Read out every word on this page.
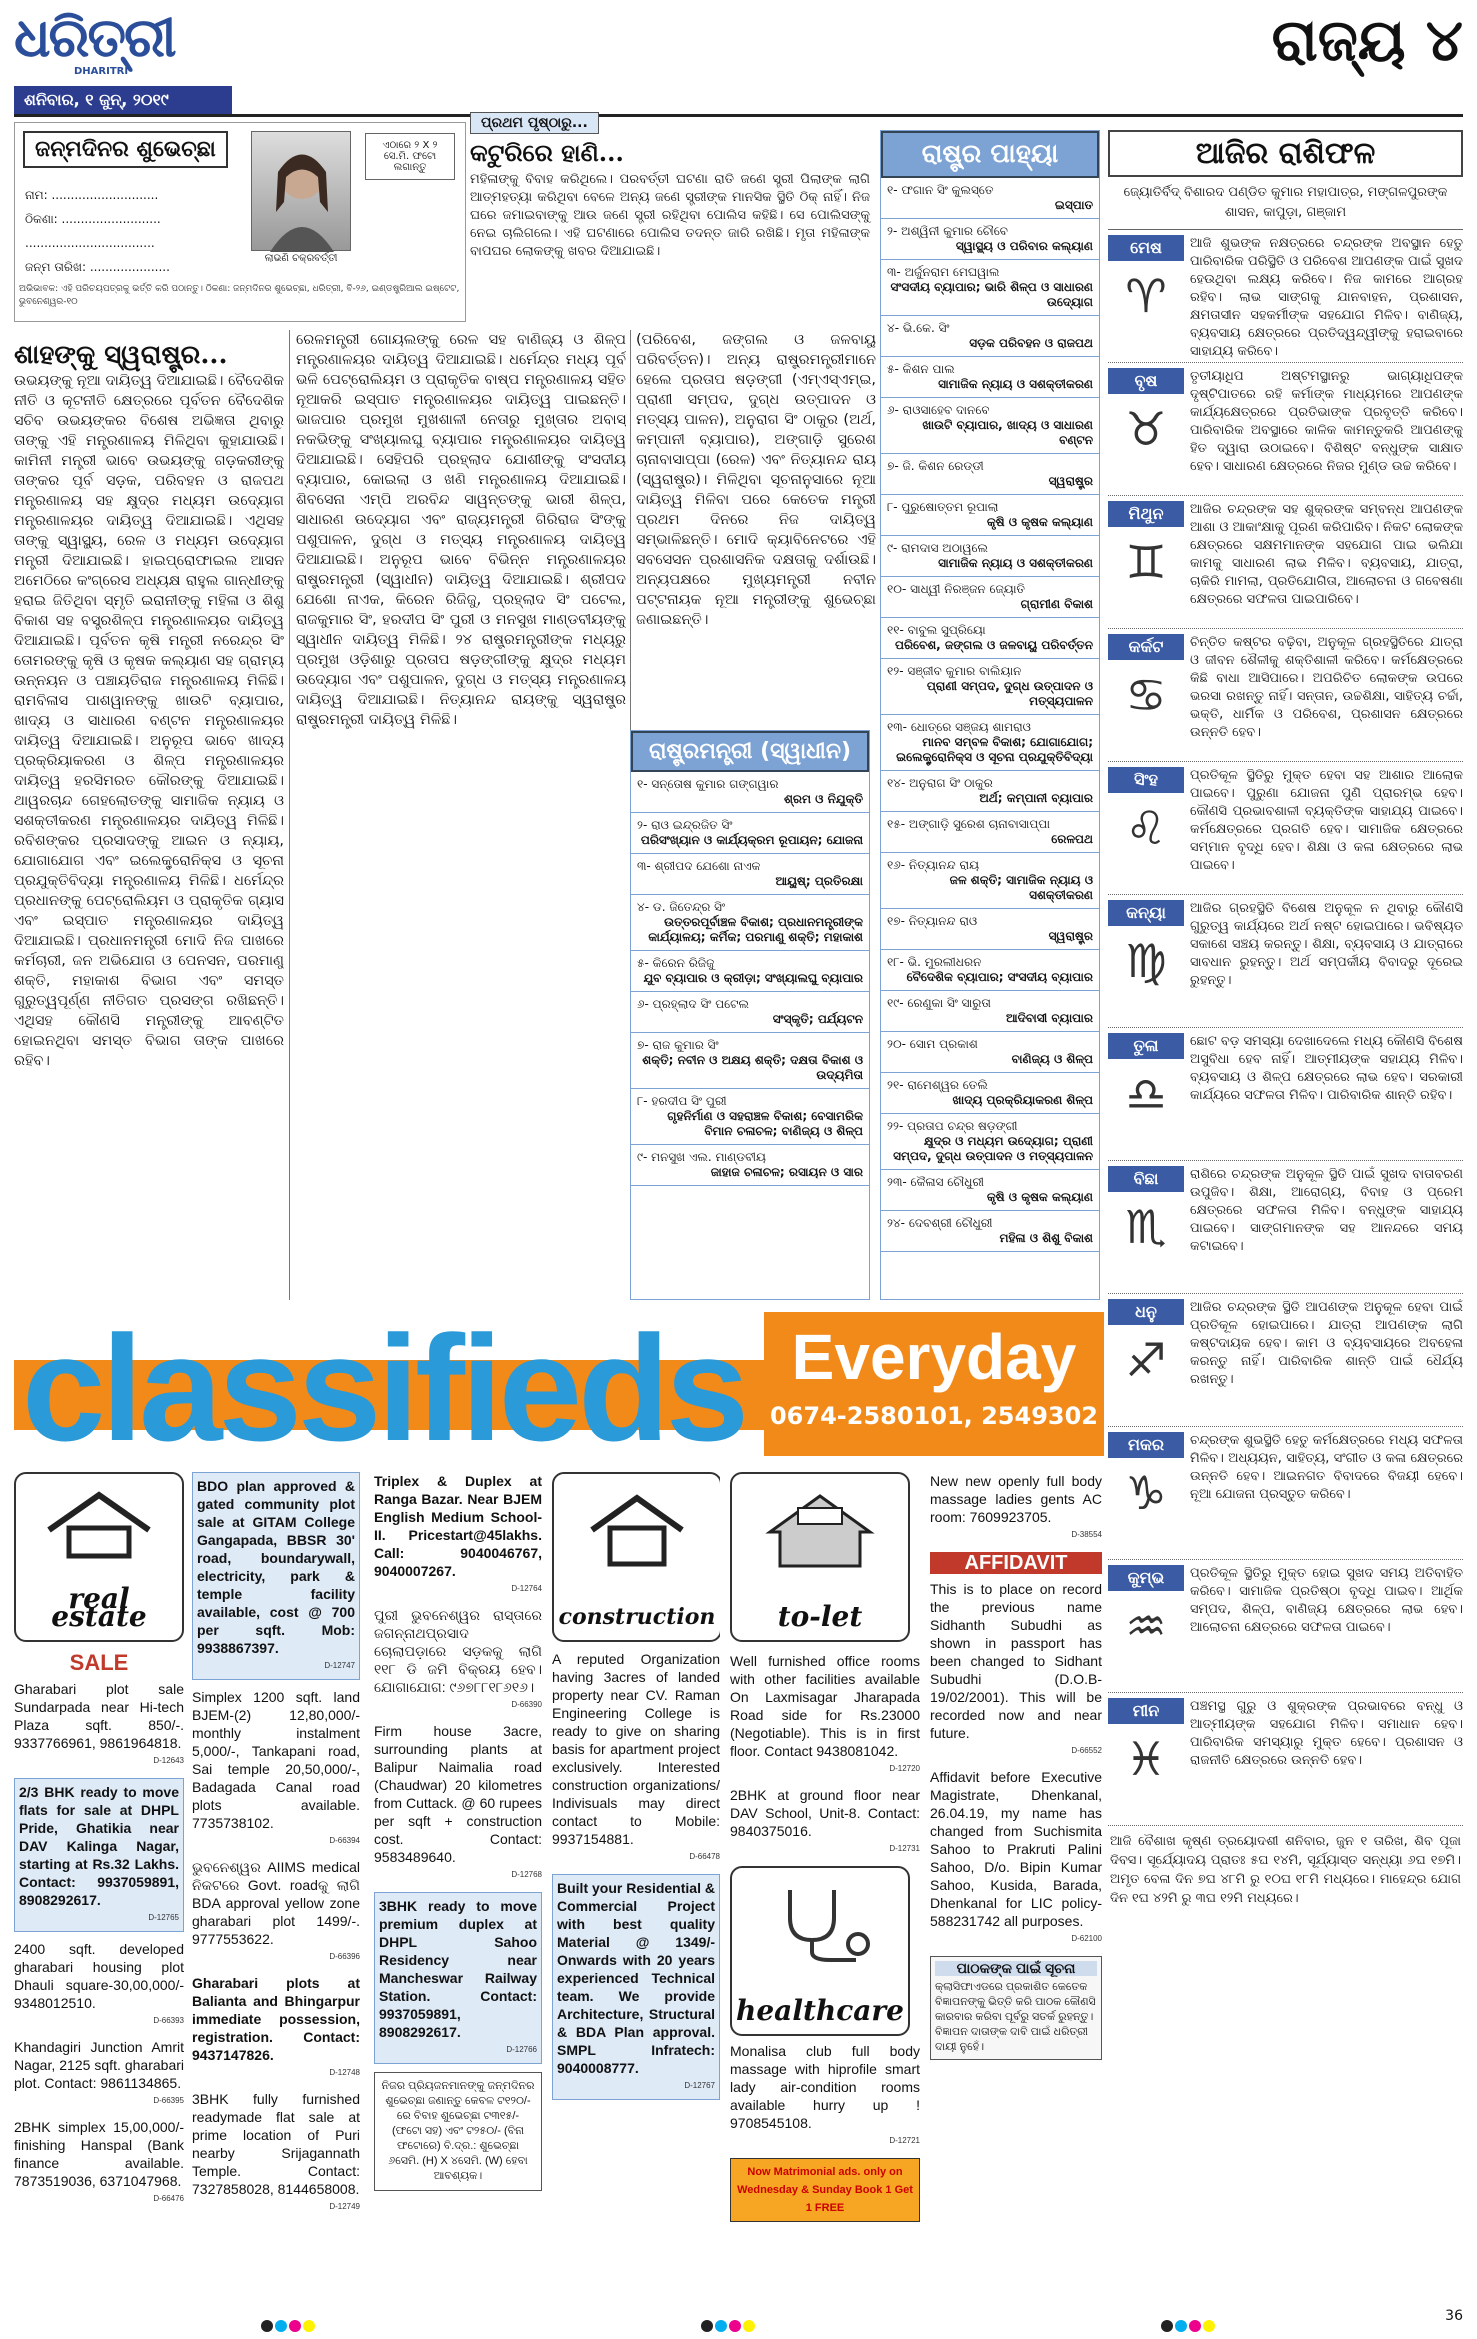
ଧରିତ୍ରୀ
DHARITRI
ଶନିବାର, ୧ ଜୁନ୍, ୨୦୧୯
ରାଜ୍ୟ ୪
ଜନ୍ମଦିନର ଶୁଭେଚ୍ଛା
ନାମ: ............................
ଠିକଣା: ..........................
..................................
ଜନ୍ମ ତାରିଖ: .....................
ଲାଭଣି ଚକ୍ରବର୍ତ୍ତୀ
ଏଠାରେ ୨ X ୨ ସେ.ମି. ଫଟୋ ଲଗାନ୍ତୁ
ଅଭିଭାବକ: ଏହି ପରିଚୟପତ୍ରକୁ ଭର୍ତ୍ତି କରି ପଠାନ୍ତୁ। ଠିକଣା: ଜନ୍ମଦିନର ଶୁଭେଚ୍ଛା, ଧରିତ୍ରୀ, ବି-୨୬, ଇଣ୍ଡଷ୍ଟ୍ରିଆଲ ଇଷ୍ଟେଟ, ଭୁବନେଶ୍ୱର-୧୦
ପ୍ରଥମ ପୃଷ୍ଠାରୁ...
କଟୁରିରେ ହାଣି...
ମହିଳାଙ୍କୁ ବିବାହ କରିଥିଲେ। ପରବର୍ତ୍ତୀ ଘଟଣା ରାତି ଜଣେ ସ୍ତ୍ରୀ ପିଲାଙ୍କ ଲାଗି ଆତ୍ମହତ୍ୟା କରିଥିବା ବେଳେ ଅନ୍ୟ ଜଣେ ସ୍ତ୍ରୀଙ୍କ ମାନସିକ ସ୍ଥିତି ଠିକ୍ ନାହିଁ। ନିଜ ଘରେ ଜମାଇବାଙ୍କୁ ଆଉ ଜଣେ ସ୍ତ୍ରୀ ରହିଥିବା ପୋଲିସ କହିଛି। ସେ ପୋଲିସଙ୍କୁ ନେଇ ଚାଲିଗଲେ। ଏହି ଘଟଣାରେ ପୋଲିସ ତଦନ୍ତ ଜାରି ରଖିଛି। ମୃତା ମହିଳାଙ୍କ ବାପଘର ଲୋକଙ୍କୁ ଖବର ଦିଆଯାଇଛି।
ଶାହଙ୍କୁ ସ୍ୱରାଷ୍ଟ୍ର...
ଉଭୟଙ୍କୁ ନୂଆ ଦାୟିତ୍ୱ ଦିଆଯାଇଛି। ବୈଦେଶିକ ନୀତି ଓ କୂଟନୀତି କ୍ଷେତ୍ରରେ ପୂର୍ବତନ ବୈଦେଶିକ ସଚିବ ଉଭୟଙ୍କର ବିଶେଷ ଅଭିଜ୍ଞତା ଥିବାରୁ ତାଙ୍କୁ ଏହି ମନ୍ତ୍ରଣାଳୟ ମିଳିଥିବା କୁହାଯାଉଛି। କାମିନୀ ମନ୍ତ୍ରୀ ଭାବେ ଉଭୟଙ୍କୁ ଗଡ଼କରୀଙ୍କୁ ତାଙ୍କର ପୂର୍ବ ସଡ଼କ, ପରିବହନ ଓ ରାଜପଥ ମନ୍ତ୍ରଣାଳୟ ସହ କ୍ଷୁଦ୍ର ମଧ୍ୟମ ଉଦ୍ୟୋଗ ମନ୍ତ୍ରଣାଳୟର ଦାୟିତ୍ୱ ଦିଆଯାଇଛି। ଏଥିସହ ତାଙ୍କୁ ସ୍ୱାସ୍ଥ୍ୟ, ରେଳ ଓ ମଧ୍ୟମ ଉଦ୍ୟୋଗ ମନ୍ତ୍ରୀ ଦିଆଯାଇଛି। ହାଇପ୍ରୋଫାଇଲ ଆସନ ଅମେଠିରେ କଂଗ୍ରେସ ଅଧ୍ୟକ୍ଷ ରାହୁଲ ଗାନ୍ଧୀଙ୍କୁ ହରାଇ ଜିତିଥିବା ସ୍ମୃତି ଇରାନୀଙ୍କୁ ମହିଳା ଓ ଶିଶୁ ବିକାଶ ସହ ବସ୍ତ୍ରଶିଳ୍ପ ମନ୍ତ୍ରଣାଳୟର ଦାୟିତ୍ୱ ଦିଆଯାଇଛି। ପୂର୍ବତନ କୃଷି ମନ୍ତ୍ରୀ ନରେନ୍ଦ୍ର ସିଂ ତୋମରଙ୍କୁ କୃଷି ଓ କୃଷକ କଲ୍ୟାଣ ସହ ଗ୍ରାମ୍ୟ ଉନ୍ନୟନ ଓ ପଞ୍ଚାୟତିରାଜ ମନ୍ତ୍ରଣାଳୟ ମିଳିଛି। ରାମବିଳାସ ପାଶୱାନଙ୍କୁ ଖାଉଟି ବ୍ୟାପାର, ଖାଦ୍ୟ ଓ ସାଧାରଣ ବଣ୍ଟନ ମନ୍ତ୍ରଣାଳୟର ଦାୟିତ୍ୱ ଦିଆଯାଇଛି। ଅନୁରୂପ ଭାବେ ଖାଦ୍ୟ ପ୍ରକ୍ରିୟାକରଣ ଓ ଶିଳ୍ପ ମନ୍ତ୍ରଣାଳୟର ଦାୟିତ୍ୱ ହରସିମରତ କୌରଙ୍କୁ ଦିଆଯାଇଛି। ଥାୱରଚାନ୍ଦ ଗେହଲୋତଙ୍କୁ ସାମାଜିକ ନ୍ୟାୟ ଓ ସଶକ୍ତୀକରଣ ମନ୍ତ୍ରଣାଳୟର ଦାୟିତ୍ୱ ମିଳିଛି। ରବିଶଙ୍କର ପ୍ରସାଦଙ୍କୁ ଆଇନ ଓ ନ୍ୟାୟ, ଯୋଗାଯୋଗ ଏବଂ ଇଲେକ୍ଟ୍ରୋନିକ୍ସ ଓ ସୂଚନା ପ୍ରଯୁକ୍ତିବିଦ୍ୟା ମନ୍ତ୍ରଣାଳୟ ମିଳିଛି। ଧର୍ମେନ୍ଦ୍ର ପ୍ରଧାନଙ୍କୁ ପେଟ୍ରୋଲିୟମ ଓ ପ୍ରାକୃତିକ ଗ୍ୟାସ ଏବଂ ଇସ୍ପାତ ମନ୍ତ୍ରଣାଳୟର ଦାୟିତ୍ୱ ଦିଆଯାଇଛି। ପ୍ରଧାନମନ୍ତ୍ରୀ ମୋଦି ନିଜ ପାଖରେ କର୍ମଚାରୀ, ଜନ ଅଭିଯୋଗ ଓ ପେନସନ, ପରମାଣୁ ଶକ୍ତି, ମହାକାଶ ବିଭାଗ ଏବଂ ସମସ୍ତ ଗୁରୁତ୍ୱପୂର୍ଣ୍ଣ ନୀତିଗତ ପ୍ରସଙ୍ଗ ରଖିଛନ୍ତି। ଏଥିସହ କୌଣସି ମନ୍ତ୍ରୀଙ୍କୁ ଆବଣ୍ଟିତ ହୋଇନଥିବା ସମସ୍ତ ବିଭାଗ ତାଙ୍କ ପାଖରେ ରହିବ।
ରେଳମନ୍ତ୍ରୀ ଗୋୟଲଙ୍କୁ ରେଳ ସହ ବାଣିଜ୍ୟ ଓ ଶିଳ୍ପ ମନ୍ତ୍ରଣାଳୟର ଦାୟିତ୍ୱ ଦିଆଯାଇଛି। ଧର୍ମେନ୍ଦ୍ର ମଧ୍ୟ ପୂର୍ବ ଭଳି ପେଟ୍ରୋଲିୟମ ଓ ପ୍ରାକୃତିକ ବାଷ୍ପ ମନ୍ତ୍ରଣାଳୟ ସହିତ ନୂଆକରି ଇସ୍ପାତ ମନ୍ତ୍ରଣାଳୟର ଦାୟିତ୍ୱ ପାଇଛନ୍ତି। ଭାଜପାର ପ୍ରମୁଖ ମୁଖଶାଳୀ ନେତାରୁ ମୁଖ୍ତାର ଅବାସ୍ ନକଭିଙ୍କୁ ସଂଖ୍ୟାଲଘୁ ବ୍ୟାପାର ମନ୍ତ୍ରଣାଳୟର ଦାୟିତ୍ୱ ଦିଆଯାଇଛି। ସେହିପରି ପ୍ରହ୍ଲାଦ ଯୋଶୀଙ୍କୁ ସଂସଦୀୟ ବ୍ୟାପାର, କୋଇଲା ଓ ଖଣି ମନ୍ତ୍ରଣାଳୟ ଦିଆଯାଇଛି। ଶିବସେନା ଏମ୍ପି ଅରବିନ୍ଦ ସାୱନ୍ତଙ୍କୁ ଭାରୀ ଶିଳ୍ପ, ସାଧାରଣ ଉଦ୍ୟୋଗ ଏବଂ ରାଜ୍ୟମନ୍ତ୍ରୀ ଗିରିରାଜ ସିଂଙ୍କୁ ପଶୁପାଳନ, ଦୁଗ୍ଧ ଓ ମତ୍ସ୍ୟ ମନ୍ତ୍ରଣାଳୟ ଦାୟିତ୍ୱ ଦିଆଯାଇଛି। ଅନୁରୂପ ଭାବେ ବିଭିନ୍ନ ମନ୍ତ୍ରଣାଳୟର ରାଷ୍ଟ୍ରମନ୍ତ୍ରୀ (ସ୍ୱାଧୀନ) ଦାୟିତ୍ୱ ଦିଆଯାଇଛି। ଶ୍ରୀପଦ ଯେଶୋ ନାଏକ, କିରେନ ରିଜିଜୁ, ପ୍ରହ୍ଲାଦ ସିଂ ପଟେଲ, ରାଜକୁମାର ସିଂ, ହରଦୀପ ସିଂ ପୁରୀ ଓ ମନସୁଖ ମାଣ୍ଡବୀୟଙ୍କୁ ସ୍ୱାଧୀନ ଦାୟିତ୍ୱ ମିଳିଛି। ୨୪ ରାଷ୍ଟ୍ରମନ୍ତ୍ରୀଙ୍କ ମଧ୍ୟରୁ ପ୍ରମୁଖ ଓଡ଼ିଶାରୁ ପ୍ରତାପ ଷଡ଼ଙ୍ଗୀଙ୍କୁ କ୍ଷୁଦ୍ର ମଧ୍ୟମ ଉଦ୍ୟୋଗ ଏବଂ ପଶୁପାଳନ, ଦୁଗ୍ଧ ଓ ମତ୍ସ୍ୟ ମନ୍ତ୍ରଣାଳୟ ଦାୟିତ୍ୱ ଦିଆଯାଇଛି। ନିତ୍ୟାନନ୍ଦ ରାୟଙ୍କୁ ସ୍ୱରାଷ୍ଟ୍ର ରାଷ୍ଟ୍ରମନ୍ତ୍ରୀ ଦାୟିତ୍ୱ ମିଳିଛି।
(ପରିବେଶ, ଜଙ୍ଗଲ ଓ ଜଳବାୟୁ ପରିବର୍ତ୍ତନ)। ଅନ୍ୟ ରାଷ୍ଟ୍ରମନ୍ତ୍ରୀମାନେ ହେଲେ ପ୍ରତାପ ଷଡ଼ଙ୍ଗୀ (ଏମ୍‌ଏସ୍‌ଏମ୍‌ଇ, ପ୍ରାଣୀ ସମ୍ପଦ, ଦୁଗ୍ଧ ଉତ୍ପାଦନ ଓ ମତ୍ସ୍ୟ ପାଳନ), ଅନୁରାଗ ସିଂ ଠାକୁର (ଅର୍ଥ, କମ୍ପାନୀ ବ୍ୟାପାର), ଅଙ୍ଗାଡ଼ି ସୁରେଶ ଚାନାବାସାପ୍ପା (ରେଳ) ଏବଂ ନିତ୍ୟାନନ୍ଦ ରାୟ (ସ୍ୱରାଷ୍ଟ୍ର)। ମିଳିଥିବା ସୂଚନାନୁସାରେ ନୂଆ ଦାୟିତ୍ୱ ମିଳିବା ପରେ କେତେକ ମନ୍ତ୍ରୀ ପ୍ରଥମ ଦିନରେ ନିଜ ଦାୟିତ୍ୱ ସମ୍ଭାଳିଛନ୍ତି। ମୋଦି କ୍ୟାବିନେଟରେ ଏହି ସବସେସନ ପ୍ରଶାସନିକ ଦକ୍ଷତାକୁ ଦର୍ଶାଉଛି। ଅନ୍ୟପକ୍ଷରେ ମୁଖ୍ୟମନ୍ତ୍ରୀ ନବୀନ ପଟ୍ଟନାୟକ ନୂଆ ମନ୍ତ୍ରୀଙ୍କୁ ଶୁଭେଚ୍ଛା ଜଣାଇଛନ୍ତି।
ରାଷ୍ଟ୍ରମନ୍ତ୍ରୀ (ସ୍ୱାଧୀନ)
୧- ସନ୍ତୋଷ କୁମାର ଗଙ୍ଗୱାର
ଶ୍ରମ ଓ ନିଯୁକ୍ତି
୨- ରାଓ ଇନ୍ଦ୍ରଜିତ ସିଂ
ପରିସଂଖ୍ୟାନ ଓ କାର୍ଯ୍ୟକ୍ରମ ରୂପାୟନ; ଯୋଜନା
୩- ଶ୍ରୀପଦ ଯେଶୋ ନାଏକ
ଆୟୁଷ୍; ପ୍ରତିରକ୍ଷା
୪- ଡ. ଜିତେନ୍ଦ୍ର ସିଂ
ଉତ୍ତରପୂର୍ବାଞ୍ଚଳ ବିକାଶ; ପ୍ରଧାନମନ୍ତ୍ରୀଙ୍କ କାର୍ଯ୍ୟାଳୟ; କର୍ମିକ; ପରମାଣୁ ଶକ୍ତି; ମହାକାଶ
୫- କିରେନ ରିଜିଜୁ
ଯୁବ ବ୍ୟାପାର ଓ କ୍ରୀଡ଼ା; ସଂଖ୍ୟାଲଘୁ ବ୍ୟାପାର
୬- ପ୍ରହ୍ଲାଦ ସିଂ ପଟେଲ
ସଂସ୍କୃତି; ପର୍ଯ୍ୟଟନ
୭- ରାଜ କୁମାର ସିଂ
ଶକ୍ତି; ନବୀନ ଓ ଅକ୍ଷୟ ଶକ୍ତି; ଦକ୍ଷତା ବିକାଶ ଓ ଉଦ୍ୟମିତା
୮- ହରଦୀପ ସିଂ ପୁରୀ
ଗୃହନିର୍ମାଣ ଓ ସହରାଞ୍ଚଳ ବିକାଶ; ବେସାମରିକ ବିମାନ ଚଳାଚଳ; ବାଣିଜ୍ୟ ଓ ଶିଳ୍ପ
୯- ମନସୁଖ ଏଲ. ମାଣ୍ଡବୀୟ
ଜାହାଜ ଚଳାଚଳ; ରସାୟନ ଓ ସାର
ରାଷ୍ଟ୍ର ପାହ୍ୟା
୧- ଫଗାନ ସିଂ କୁଲସ୍ତେ
ଇସ୍ପାତ
୨- ଅଶ୍ୱିନୀ କୁମାର ଚୌବେ
ସ୍ୱାସ୍ଥ୍ୟ ଓ ପରିବାର କଲ୍ୟାଣ
୩- ଅର୍ଜୁନରାମ ମେଘୱାଲ
ସଂସଦୀୟ ବ୍ୟାପାର; ଭାରି ଶିଳ୍ପ ଓ ସାଧାରଣ ଉଦ୍ୟୋଗ
୪- ଭି.କେ. ସିଂ
ସଡ଼କ ପରିବହନ ଓ ରାଜପଥ
୫- କିଶନ ପାଲ
ସାମାଜିକ ନ୍ୟାୟ ଓ ସଶକ୍ତୀକରଣ
୬- ରାଓସାହେବ ଦାନବେ
ଖାଉଟି ବ୍ୟାପାର, ଖାଦ୍ୟ ଓ ସାଧାରଣ ବଣ୍ଟନ
୭- ଜି. କିଶନ ରେଡ୍ଡୀ
ସ୍ୱରାଷ୍ଟ୍ର
୮- ପୁରୁଷୋତ୍ତମ ରୂପାଲା
କୃଷି ଓ କୃଷକ କଲ୍ୟାଣ
୯- ରାମଦାସ ଅଠାୱଲେ
ସାମାଜିକ ନ୍ୟାୟ ଓ ସଶକ୍ତୀକରଣ
୧୦- ସାଧ୍ୱୀ ନିରଞ୍ଜନ ଜ୍ୟୋତି
ଗ୍ରାମୀଣ ବିକାଶ
୧୧- ବାବୁଲ ସୁପ୍ରିୟୋ
ପରିବେଶ, ଜଙ୍ଗଲ ଓ ଜଳବାୟୁ ପରିବର୍ତ୍ତନ
୧୨- ସଞ୍ଜୀବ କୁମାର ବାଲିୟାନ
ପ୍ରାଣୀ ସମ୍ପଦ, ଦୁଗ୍ଧ ଉତ୍ପାଦନ ଓ ମତ୍ସ୍ୟପାଳନ
୧୩- ଧୋତ୍ରେ ସଞ୍ଜୟ ଶାମରାଓ
ମାନବ ସମ୍ବଳ ବିକାଶ; ଯୋଗାଯୋଗ; ଇଲେକ୍ଟ୍ରୋନିକ୍ସ ଓ ସୂଚନା ପ୍ରଯୁକ୍ତିବିଦ୍ୟା
୧୪- ଅନୁରାଗ ସିଂ ଠାକୁର
ଅର୍ଥ; କମ୍ପାନୀ ବ୍ୟାପାର
୧୫- ଅଙ୍ଗାଡ଼ି ସୁରେଶ ଚାନାବାସାପ୍ପା
ରେଳପଥ
୧୬- ନିତ୍ୟାନନ୍ଦ ରାୟ
ଜଳ ଶକ୍ତି; ସାମାଜିକ ନ୍ୟାୟ ଓ ସଶକ୍ତୀକରଣ
୧୭- ନିତ୍ୟାନନ୍ଦ ରାଓ
ସ୍ୱରାଷ୍ଟ୍ର
୧୮- ଭି. ମୁରଲୀଧରନ
ବୈଦେଶିକ ବ୍ୟାପାର; ସଂସଦୀୟ ବ୍ୟାପାର
୧୯- ରେଣୁକା ସିଂ ସାରୁତା
ଆଦିବାସୀ ବ୍ୟାପାର
୨୦- ସୋମ ପ୍ରକାଶ
ବାଣିଜ୍ୟ ଓ ଶିଳ୍ପ
୨୧- ରାମେଶ୍ୱର ତେଲି
ଖାଦ୍ୟ ପ୍ରକ୍ରିୟାକରଣ ଶିଳ୍ପ
୨୨- ପ୍ରତାପ ଚନ୍ଦ୍ର ଷଡ଼ଙ୍ଗୀ
କ୍ଷୁଦ୍ର ଓ ମଧ୍ୟମ ଉଦ୍ୟୋଗ; ପ୍ରାଣୀ ସମ୍ପଦ, ଦୁଗ୍ଧ ଉତ୍ପାଦନ ଓ ମତ୍ସ୍ୟପାଳନ
୨୩- କୈଳାସ ଚୌଧୁରୀ
କୃଷି ଓ କୃଷକ କଲ୍ୟାଣ
୨୪- ଦେବଶ୍ରୀ ଚୌଧୁରୀ
ମହିଳା ଓ ଶିଶୁ ବିକାଶ
ଆଜିର ରାଶିଫଳ
ଜ୍ୟୋତିର୍ବିଦ୍ ବିଶାରଦ ପଣ୍ଡିତ କୁମାର ମହାପାତ୍ର, ମଙ୍ଗଳପୁରଙ୍କ ଶାସନ, କାପୁଡ଼ା, ଗଞ୍ଜାମ
ମେଷ
♈
ଆଜି ଶୁଭଙ୍କ ନକ୍ଷତ୍ରରେ ଚନ୍ଦ୍ରଙ୍କ ଅବସ୍ଥାନ ହେତୁ ପାରିବାରିକ ପରିସ୍ଥିତି ଓ ପରିବେଶ ଆପଣଙ୍କ ପାଇଁ ସୁଖଦ ହେଉଥିବା ଲକ୍ଷ୍ୟ କରିବେ। ନିଜ କାମରେ ଆଗ୍ରହ ରହିବ। ଲାଭ ସାଙ୍ଗକୁ ଯାନବାହନ, ପ୍ରଶାସନ, କ୍ଷମତାସୀନ ସହକର୍ମୀଙ୍କ ସହଯୋଗ ମିଳିବ। ବାଣିଜ୍ୟ, ବ୍ୟବସାୟ କ୍ଷେତ୍ରରେ ପ୍ରତିଦ୍ୱନ୍ଦ୍ୱୀଙ୍କୁ ହରାଇବାରେ ସାହାଯ୍ୟ କରିବେ।
ବୃଷ
♉
ତୃତୀୟାଧିପ ଅଷ୍ଟମସ୍ଥାନରୁ ଭାଗ୍ୟାଧିପଙ୍କ ଦୃଷ୍ଟିପାତରେ ରହି କର୍ମାଙ୍କ ମାଧ୍ୟମରେ ଆପଣଙ୍କ କାର୍ଯ୍ୟକ୍ଷେତ୍ରରେ ପ୍ରତିଭାଙ୍କ ପ୍ରବୃତ୍ତି କରିବେ। ପାରିବାରିକ ଅବସ୍ଥାରେ କାଳିକ କାମନ୍ତୁକରି ଆପଣଙ୍କୁ ହିତ ଦ୍ୱାରା ଉଠାଇବେ। ବିଶିଷ୍ଟ ବନ୍ଧୁଙ୍କ ସାକ୍ଷାତ ହେବ। ସାଧାରଣ କ୍ଷେତ୍ରରେ ନିଜର ମୁଣ୍ଡ ଉଚ୍ଚ କରିବେ।
ମିଥୁନ
♊
ଆଜିର ଚନ୍ଦ୍ରଙ୍କ ସହ ଶୁକ୍ରଙ୍କ ସମ୍ବନ୍ଧ ଆପଣଙ୍କ ଆଶା ଓ ଆକାଂକ୍ଷାକୁ ପୂରଣ କରିପାରିବ। ନିକଟ ଲୋକଙ୍କ କ୍ଷେତ୍ରରେ ସକ୍ଷମମାନଙ୍କ ସହଯୋଗ ପାଇ ଭଲିଯା କାମକୁ ସାଧାରଣ ଲାଭ ମିଳିବ। ବ୍ୟବସାୟ, ଯାତ୍ରା, ଚାକିରି ମାମଲା, ପ୍ରତିଯୋଗିତା, ଆଲୋଚନା ଓ ଗବେଷଣା କ୍ଷେତ୍ରରେ ସଫଳତା ପାଇପାରିବେ।
କର୍କଟ
♋
ଚିନ୍ତିତ କଷ୍ଟର ବଢ଼ିବା, ଅନୁକୂଳ ଗ୍ରହସ୍ଥିତିରେ ଯାତ୍ରା ଓ ଜୀବନ ଶୈଳୀକୁ ଶକ୍ତିଶାଳୀ କରିବେ। କର୍ମକ୍ଷେତ୍ରରେ କିଛି ବାଧା ଆସିପାରେ। ଅପରିଚିତ ଲୋକଙ୍କ ଉପରେ ଭରସା ରଖନ୍ତୁ ନାହିଁ। ସନ୍ତାନ, ଉଚ୍ଚଶିକ୍ଷା, ସାହିତ୍ୟ ଚର୍ଚ୍ଚା, ଭକ୍ତି, ଧାର୍ମିକ ଓ ପରିବେଶ, ପ୍ରଶାସନ କ୍ଷେତ୍ରରେ ଉନ୍ନତି ହେବ।
ସିଂହ
♌
ପ୍ରତିକୂଳ ସ୍ଥିତିରୁ ମୁକ୍ତ ହେବା ସହ ଆଶାର ଆଲୋକ ପାଇବେ। ପୁରୁଣା ଯୋଜନା ପୁଣି ପ୍ରାରମ୍ଭ ହେବ। କୌଣସି ପ୍ରଭାବଶାଳୀ ବ୍ୟକ୍ତିଙ୍କ ସାହାଯ୍ୟ ପାଇବେ। କର୍ମକ୍ଷେତ୍ରରେ ପ୍ରଗତି ହେବ। ସାମାଜିକ କ୍ଷେତ୍ରରେ ସମ୍ମାନ ବୃଦ୍ଧି ହେବ। ଶିକ୍ଷା ଓ କଳା କ୍ଷେତ୍ରରେ ଲାଭ ପାଇବେ।
କନ୍ୟା
♍
ଆଜିର ଗ୍ରହସ୍ଥିତି ବିଶେଷ ଅନୁକୂଳ ନ ଥିବାରୁ କୌଣସି ଗୁରୁତ୍ୱ କାର୍ଯ୍ୟରେ ଅର୍ଥ ନଷ୍ଟ ହୋଇପାରେ। ଭବିଷ୍ୟତ ସକାଶେ ସଞ୍ଚୟ କରନ୍ତୁ। ଶିକ୍ଷା, ବ୍ୟବସାୟ ଓ ଯାତ୍ରାରେ ସାବଧାନ ରୁହନ୍ତୁ। ଅର୍ଥ ସମ୍ପର୍କୀୟ ବିବାଦରୁ ଦୂରେଇ ରୁହନ୍ତୁ।
ତୁଳା
♎
ଛୋଟ ବଡ଼ ସମସ୍ୟା ଦେଖାଦେଲେ ମଧ୍ୟ କୌଣସି ବିଶେଷ ଅସୁବିଧା ହେବ ନାହିଁ। ଆତ୍ମୀୟଙ୍କ ସହାଯ୍ୟ ମିଳିବ। ବ୍ୟବସାୟ ଓ ଶିଳ୍ପ କ୍ଷେତ୍ରରେ ଲାଭ ହେବ। ସରକାରୀ କାର୍ଯ୍ୟରେ ସଫଳତା ମିଳିବ। ପାରିବାରିକ ଶାନ୍ତି ରହିବ।
ବିଛା
♏
ରାଶିରେ ଚନ୍ଦ୍ରଙ୍କ ଅନୁକୂଳ ସ୍ଥିତି ପାଇଁ ସୁଖଦ ବାତାବରଣ ଉପୁଜିବ। ଶିକ୍ଷା, ଆରୋଗ୍ୟ, ବିବାହ ଓ ପ୍ରେମ କ୍ଷେତ୍ରରେ ସଫଳତା ମିଳିବ। ବନ୍ଧୁଙ୍କ ସାହାଯ୍ୟ ପାଇବେ। ସାଙ୍ଗମାନଙ୍କ ସହ ଆନନ୍ଦରେ ସମୟ କଟାଇବେ।
ଧନୁ
♐
ଆଜିର ଚନ୍ଦ୍ରଙ୍କ ସ୍ଥିତି ଆପଣଙ୍କ ଅନୁକୂଳ ହେବା ପାଇଁ ପ୍ରତିକୂଳ ହୋଇପାରେ। ଯାତ୍ରା ଆପଣଙ୍କ ଲାଗି କଷ୍ଟଦାୟକ ହେବ। କାମ ଓ ବ୍ୟବସାୟରେ ଅବହେଳା କରନ୍ତୁ ନାହିଁ। ପାରିବାରିକ ଶାନ୍ତି ପାଇଁ ଧୈର୍ଯ୍ୟ ରଖନ୍ତୁ।
ମକର
♑
ଚନ୍ଦ୍ରଙ୍କ ଶୁଭସ୍ଥିତି ହେତୁ କର୍ମକ୍ଷେତ୍ରରେ ମଧ୍ୟ ସଫଳତା ମିଳିବ। ଅଧ୍ୟୟନ, ସାହିତ୍ୟ, ସଂଗୀତ ଓ କଳା କ୍ଷେତ୍ରରେ ଉନ୍ନତି ହେବ। ଆଇନଗତ ବିବାଦରେ ବିଜୟୀ ହେବେ। ନୂଆ ଯୋଜନା ପ୍ରସ୍ତୁତ କରିବେ।
କୁମ୍ଭ
♒
ପ୍ରତିକୂଳ ସ୍ଥିତିରୁ ମୁକ୍ତ ହୋଇ ସୁଖଦ ସମୟ ଅତିବାହିତ କରିବେ। ସାମାଜିକ ପ୍ରତିଷ୍ଠା ବୃଦ୍ଧି ପାଇବ। ଆର୍ଥିକ ସମ୍ପଦ, ଶିଳ୍ପ, ବାଣିଜ୍ୟ କ୍ଷେତ୍ରରେ ଲାଭ ହେବ। ଆଲୋଚନା କ୍ଷେତ୍ରରେ ସଫଳତା ପାଇବେ।
ମୀନ
♓
ପଞ୍ଚମସ୍ଥ ଗୁରୁ ଓ ଶୁକ୍ରଙ୍କ ପ୍ରଭାବରେ ବନ୍ଧୁ ଓ ଆତ୍ମୀୟଙ୍କ ସହଯୋଗ ମିଳିବ। ସମାଧାନ ହେବ। ପାରିବାରିକ ସମସ୍ୟାରୁ ମୁକ୍ତ ହେବେ। ପ୍ରଶାସନ ଓ ରାଜନୀତି କ୍ଷେତ୍ରରେ ଉନ୍ନତି ହେବ।
ଆଜି ବୈଶାଖ କୃଷ୍ଣ ତ୍ରୟୋଦଶୀ ଶନିବାର, ଜୁନ ୧ ତାରିଖ, ଶିବ ପୂଜା ଦିବସ। ସୂର୍ଯ୍ୟୋଦୟ ପ୍ରାତଃ ୫ଘ ୧୪ମି, ସୂର୍ଯ୍ୟାସ୍ତ ସନ୍ଧ୍ୟା ୬ଘ ୧୭ମି। ଅମୃତ ବେଳା ଦିନ ୭ଘ ୪୮ମି ରୁ ୧୦ଘ ୧୮ମି ମଧ୍ୟରେ। ମାହେନ୍ଦ୍ର ଯୋଗ ଦିନ ୧ଘ ୪୨ମି ରୁ ୩ଘ ୧୨ମି ମଧ୍ୟରେ।
classifieds Everyday
0674-2580101, 2549302
real estate
SALE

Gharabari plot sale Sundarpada near Hi-tech Plaza sqft. 850/-. 9337766961, 9861964818.
D-12643

2/3 BHK ready to move flats for sale at DHPL Pride, Ghatikia near DAV Kalinga Nagar, starting at Rs.32 Lakhs. Contact: 9937059891, 8908292617.
D-12765

2400 sqft. developed gharabari housing plot Dhauli square-30,00,000/- 9348012510.
D-66393

Khandagiri Junction Amrit Nagar, 2125 sqft. gharabari plot. Contact: 9861134865.
D-66395

2BHK simplex 15,00,000/- finishing Hanspal (Bank finance available. 7873519036, 6371047968.
D-66476

BDO plan approved & gated community plot sale at GITAM College Gangapada, BBSR 30' road, boundarywall, electricity, park & temple facility available, cost @ 700 per sqft. Mob: 9938867397.
D-12747

Simplex 1200 sqft. land BJEM-(2) 12,80,000/- monthly instalment 5,000/-, Tankapani road, Sai temple 20,50,000/-, Badagada Canal road plots available. 7735738102.
D-66394

ଭୁବନେଶ୍ୱର AIIMS medical ନିକଟରେ Govt. roadକୁ ଲାଗି BDA approval yellow zone gharabari plot 1499/-. 9777553622.
D-66396

Gharabari plots at Balianta and Bhingarpur immediate possession, registration. Contact: 9437147826.
D-12748

3BHK fully furnished readymade flat sale at prime location of Puri nearby Srijagannath Temple. Contact: 7327858028, 8144658008.
D-12749

Triplex & Duplex at Ranga Bazar. Near BJEM English Medium School-II. Pricestart@45lakhs. Call: 9040046767, 9040007267.
D-12764

ପୁରୀ ଭୁବନେଶ୍ୱର ରାସ୍ତାରେ ଜଗନ୍ନାଥପ୍ରସାଦ ଚୋଲାପଡ଼ାରେ ସଡ଼କକୁ ଲାଗି ୧୧୮ ଡି ଜମି ବିକ୍ରୟ ହେବ। ଯୋଗାଯୋଗ: ୯୬୭୮୮୧୮୬୧୬।
D-66390

Firm house 3acre, surrounding plants at Balipur Naimalia road (Chaudwar) 20 kilometres from Cuttack. @ 60 rupees per sqft + construction cost. Contact: 9583489640.
D-12768

3BHK ready to move premium duplex at DHPL Sahoo Residency near Mancheswar Railway Station. Contact: 9937059891, 8908292617.
D-12766

ନିଜର ପ୍ରିୟଜନମାନଙ୍କୁ ଜନ୍ମଦିନର ଶୁଭେଚ୍ଛା ଜଣାନ୍ତୁ କେବଳ ଟ୧୨୦/-ରେ ବିବାହ ଶୁଭେଚ୍ଛା ଟ୩୧୫/- (ଫଟୋ ସହ) ଏବଂ ଟ୨୫୦/- (ବିନା ଫଟୋରେ) ବି.ଦ୍ର.: ଶୁଭେଚ୍ଛା ୬ସେମି. (H) X ୪ସେମି. (W) ହେବା ଆବଶ୍ୟକ।
construction

A reputed Organization having 3acres of landed property near CV. Raman Engineering College is ready to give on sharing basis for apartment project exclusively. Interested construction organizations/ Indivisuals may direct contact to Mobile: 9937154881.
D-66478

Built your Residential & Commercial Project with best quality Material @ 1349/- Onwards with 20 years experienced Technical team. We provide Architecture, Structural & BDA Plan approval. SMPL Infratech: 9040008777.
D-12767

to-let

Well furnished office rooms with other facilities available On Laxmisagar Jharapada Road side for Rs.23000 (Negotiable). This is in first floor. Contact 9438081042.
D-12720

2BHK at ground floor near DAV School, Unit-8. Contact: 9840375016.
D-12731

healthcare

Monalisa club full body massage with hiprofile smart lady air-condition rooms available hurry up ! 9708545108.
D-12721

Now Matrimonial ads. only on Wednesday & Sunday Book 1 Get 1 FREE

New new openly full body massage ladies gents AC room: 7609923705.
D-38554

AFFIDAVIT

This is to place on record the previous name Sidhanth Subudhi as shown in passport has been changed to Sidhant Subudhi (D.O.B-19/02/2001). This will be recorded now and near future.
D-66552

Affidavit before Executive Magistrate, Dhenkanal, 26.04.19, my name has changed from Suchismita Sahoo to Prakruti Palini Sahoo, D/o. Bipin Kumar Sahoo, Kusida, Barada, Dhenkanal for LIC policy-588231742 all purposes.
D-62100

ପାଠକଙ୍କ ପାଇଁ ସୂଚନା
କ୍ଲାସିଫାଏଡରେ ପ୍ରକାଶିତ କେତେକ ବିଜ୍ଞାପନଙ୍କୁ ଭିତ୍ତି କରି ପାଠକ କୌଣସି କାରବାର କରିବା ପୂର୍ବରୁ ସତର୍କ ରୁହନ୍ତୁ। ବିଜ୍ଞାପନ ଦାତାଙ୍କ ଦାବି ପାଇଁ ଧରିତ୍ରୀ ଦାୟୀ ନୁହେଁ।
36
